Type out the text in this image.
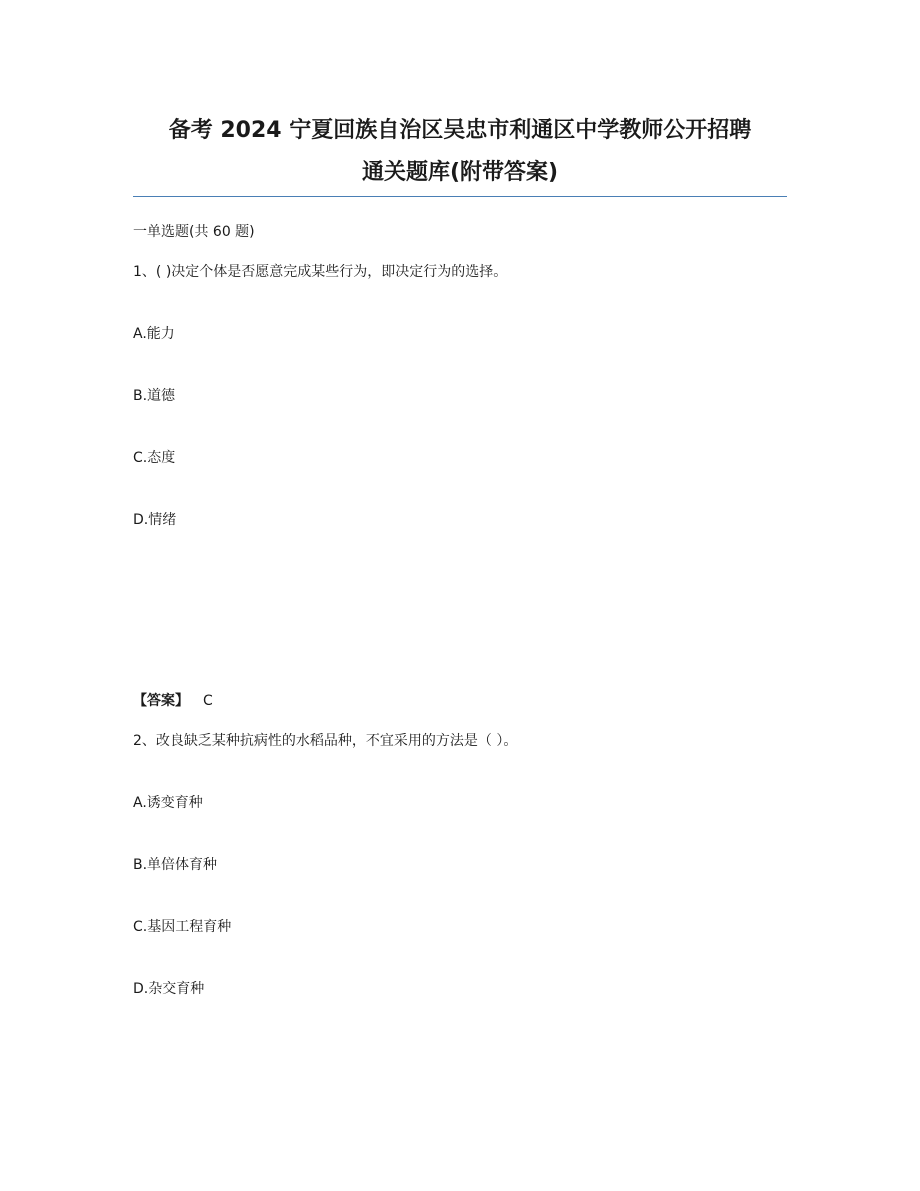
备考 2024 宁夏回族自治区吴忠市利通区中学教师公开招聘
通关题库(附带答案)

一单选题(共 60 题)

1、( )决定个体是否愿意完成某些行为，即决定行为的选择。

A.能力

B.道德

C.态度

D.情绪

【答案】 C

2、改良缺乏某种抗病性的水稻品种，不宜采用的方法是（ ）。

A.诱变育种

B.单倍体育种

C.基因工程育种

D.杂交育种
